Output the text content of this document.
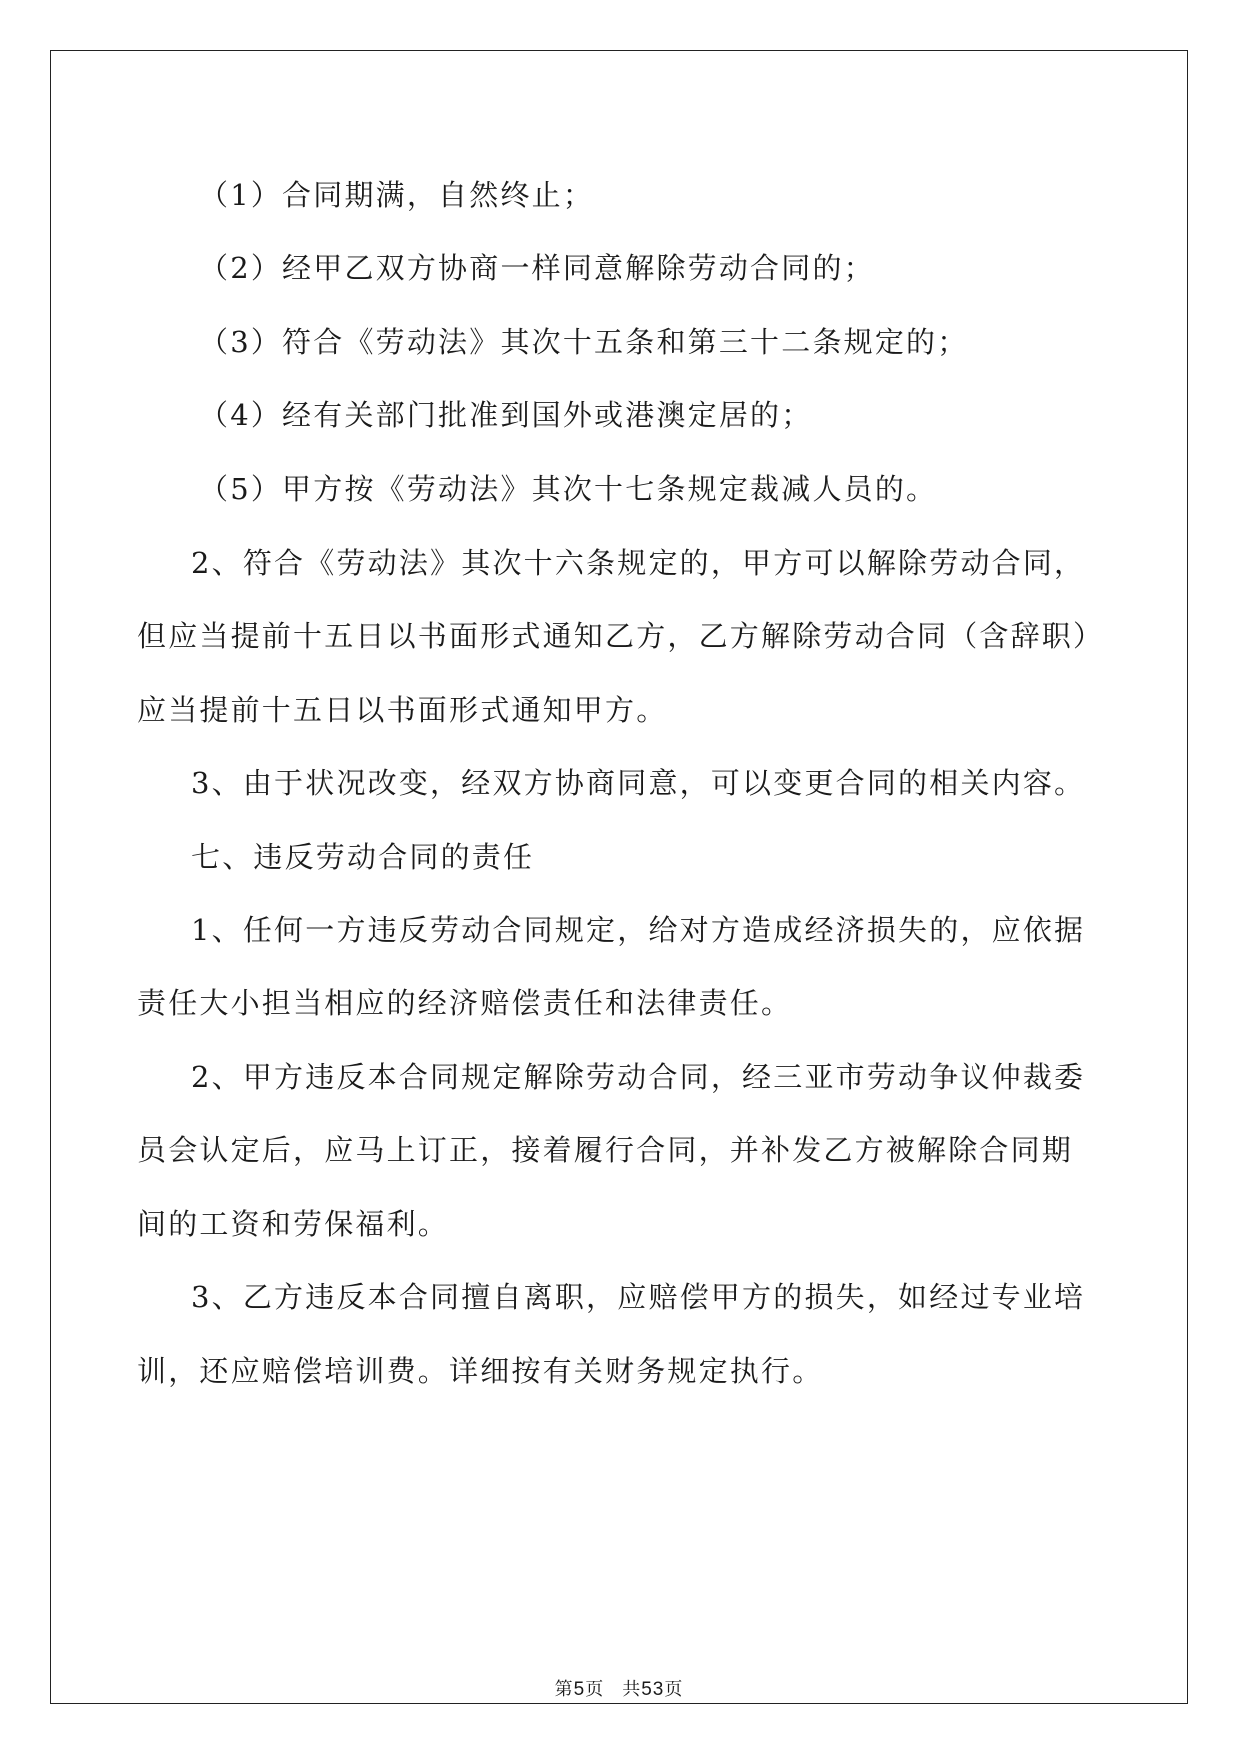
（1）合同期满，自然终止；
（2）经甲乙双方协商一样同意解除劳动合同的；
（3）符合《劳动法》其次十五条和第三十二条规定的；
（4）经有关部门批准到国外或港澳定居的；
（5）甲方按《劳动法》其次十七条规定裁减人员的。
2、符合《劳动法》其次十六条规定的，甲方可以解除劳动合同，
但应当提前十五日以书面形式通知乙方，乙方解除劳动合同（含辞职）
应当提前十五日以书面形式通知甲方。
3、由于状况改变，经双方协商同意，可以变更合同的相关内容。
七、违反劳动合同的责任
1、任何一方违反劳动合同规定，给对方造成经济损失的，应依据
责任大小担当相应的经济赔偿责任和法律责任。
2、甲方违反本合同规定解除劳动合同，经三亚市劳动争议仲裁委
员会认定后，应马上订正，接着履行合同，并补发乙方被解除合同期
间的工资和劳保福利。
3、乙方违反本合同擅自离职，应赔偿甲方的损失，如经过专业培
训，还应赔偿培训费。详细按有关财务规定执行。
第5页 共53页
